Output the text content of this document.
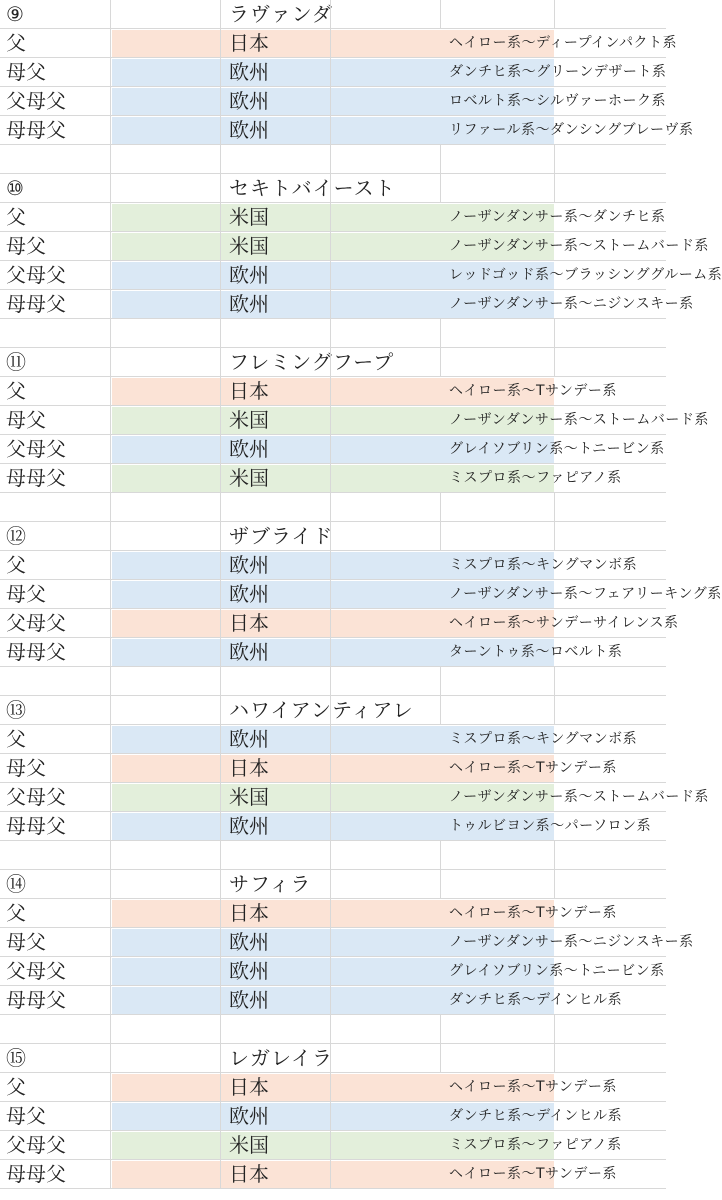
⑨	ラヴァンダ
父	日本	ヘイロー系〜ディープインパクト系
母父	欧州	ダンチヒ系〜グリーンデザート系
父母父	欧州	ロベルト系〜シルヴァーホーク系
母母父	欧州	リファール系〜ダンシングブレーヴ系
⑩	セキトバイースト
父	米国	ノーザンダンサー系〜ダンチヒ系
母父	米国	ノーザンダンサー系〜ストームバード系
父母父	欧州	レッドゴッド系〜ブラッシンググルーム系
母母父	欧州	ノーザンダンサー系〜ニジンスキー系
⑪	フレミングフープ
父	日本	ヘイロー系〜Tサンデー系
母父	米国	ノーザンダンサー系〜ストームバード系
父母父	欧州	グレイソブリン系〜トニービン系
母母父	米国	ミスプロ系〜ファピアノ系
⑫	ザブライド
父	欧州	ミスプロ系〜キングマンボ系
母父	欧州	ノーザンダンサー系〜フェアリーキング系
父母父	日本	ヘイロー系〜サンデーサイレンス系
母母父	欧州	ターントゥ系〜ロベルト系
⑬	ハワイアンティアレ
父	欧州	ミスプロ系〜キングマンボ系
母父	日本	ヘイロー系〜Tサンデー系
父母父	米国	ノーザンダンサー系〜ストームバード系
母母父	欧州	トゥルビヨン系〜パーソロン系
⑭	サフィラ
父	日本	ヘイロー系〜Tサンデー系
母父	欧州	ノーザンダンサー系〜ニジンスキー系
父母父	欧州	グレイソブリン系〜トニービン系
母母父	欧州	ダンチヒ系〜デインヒル系
⑮	レガレイラ
父	日本	ヘイロー系〜Tサンデー系
母父	欧州	ダンチヒ系〜デインヒル系
父母父	米国	ミスプロ系〜ファピアノ系
母母父	日本	ヘイロー系〜Tサンデー系
